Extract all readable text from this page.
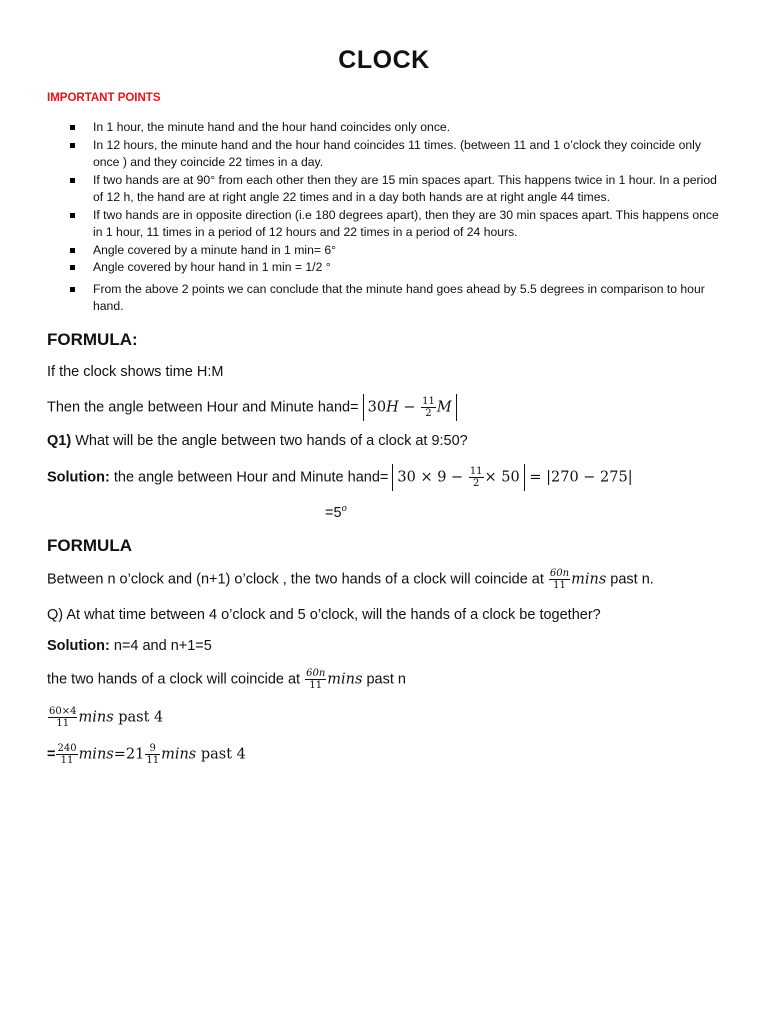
CLOCK
IMPORTANT POINTS
In 1 hour, the minute hand and the hour hand coincides only once.
In 12 hours, the minute hand and the hour hand coincides 11 times. (between 11 and 1 o’clock they coincide only once ) and they coincide 22 times in a day.
If two hands are at 90° from each other then they are 15 min spaces apart. This happens twice in 1 hour. In a period of 12 h, the hand are at right angle 22 times and in a day both hands are at right angle 44 times.
If two hands are in opposite direction (i.e 180 degrees apart), then they are 30 min spaces apart. This happens once in 1 hour, 11 times in a period of 12 hours and 22 times in a period of 24 hours.
Angle covered by a minute hand in 1 min= 6°
Angle covered by hour hand in 1 min = 1/2 °
From the above 2 points we can conclude that the minute hand goes ahead by 5.5 degrees in comparison to hour hand.
FORMULA:
If the clock shows time H:M
Then the angle between Hour and Minute hand= $30H - \frac{11}{2}$ M
Q1) What will be the angle between two hands of a clock at 9:50?
Solution: the angle between Hour and Minute hand= $30 \times 9 - \frac{11}{2} \times 50 = |270 - 275|$
$=5^o$
FORMULA
Between n o’clock and (n+1) o’clock , the two hands of a clock will coincide at $\frac{60n}{11}$ mins past n.
Q) At what time between 4 o’clock and 5 o’clock, will the hands of a clock be together?
Solution: n=4 and n+1=5
the two hands of a clock will coincide at $\frac{60n}{11}$ mins past n
$\frac{60\times 4}{11}$ mins past 4
= $\frac{240}{11} \min s=21 \frac{9}{11}$ mins past 4
